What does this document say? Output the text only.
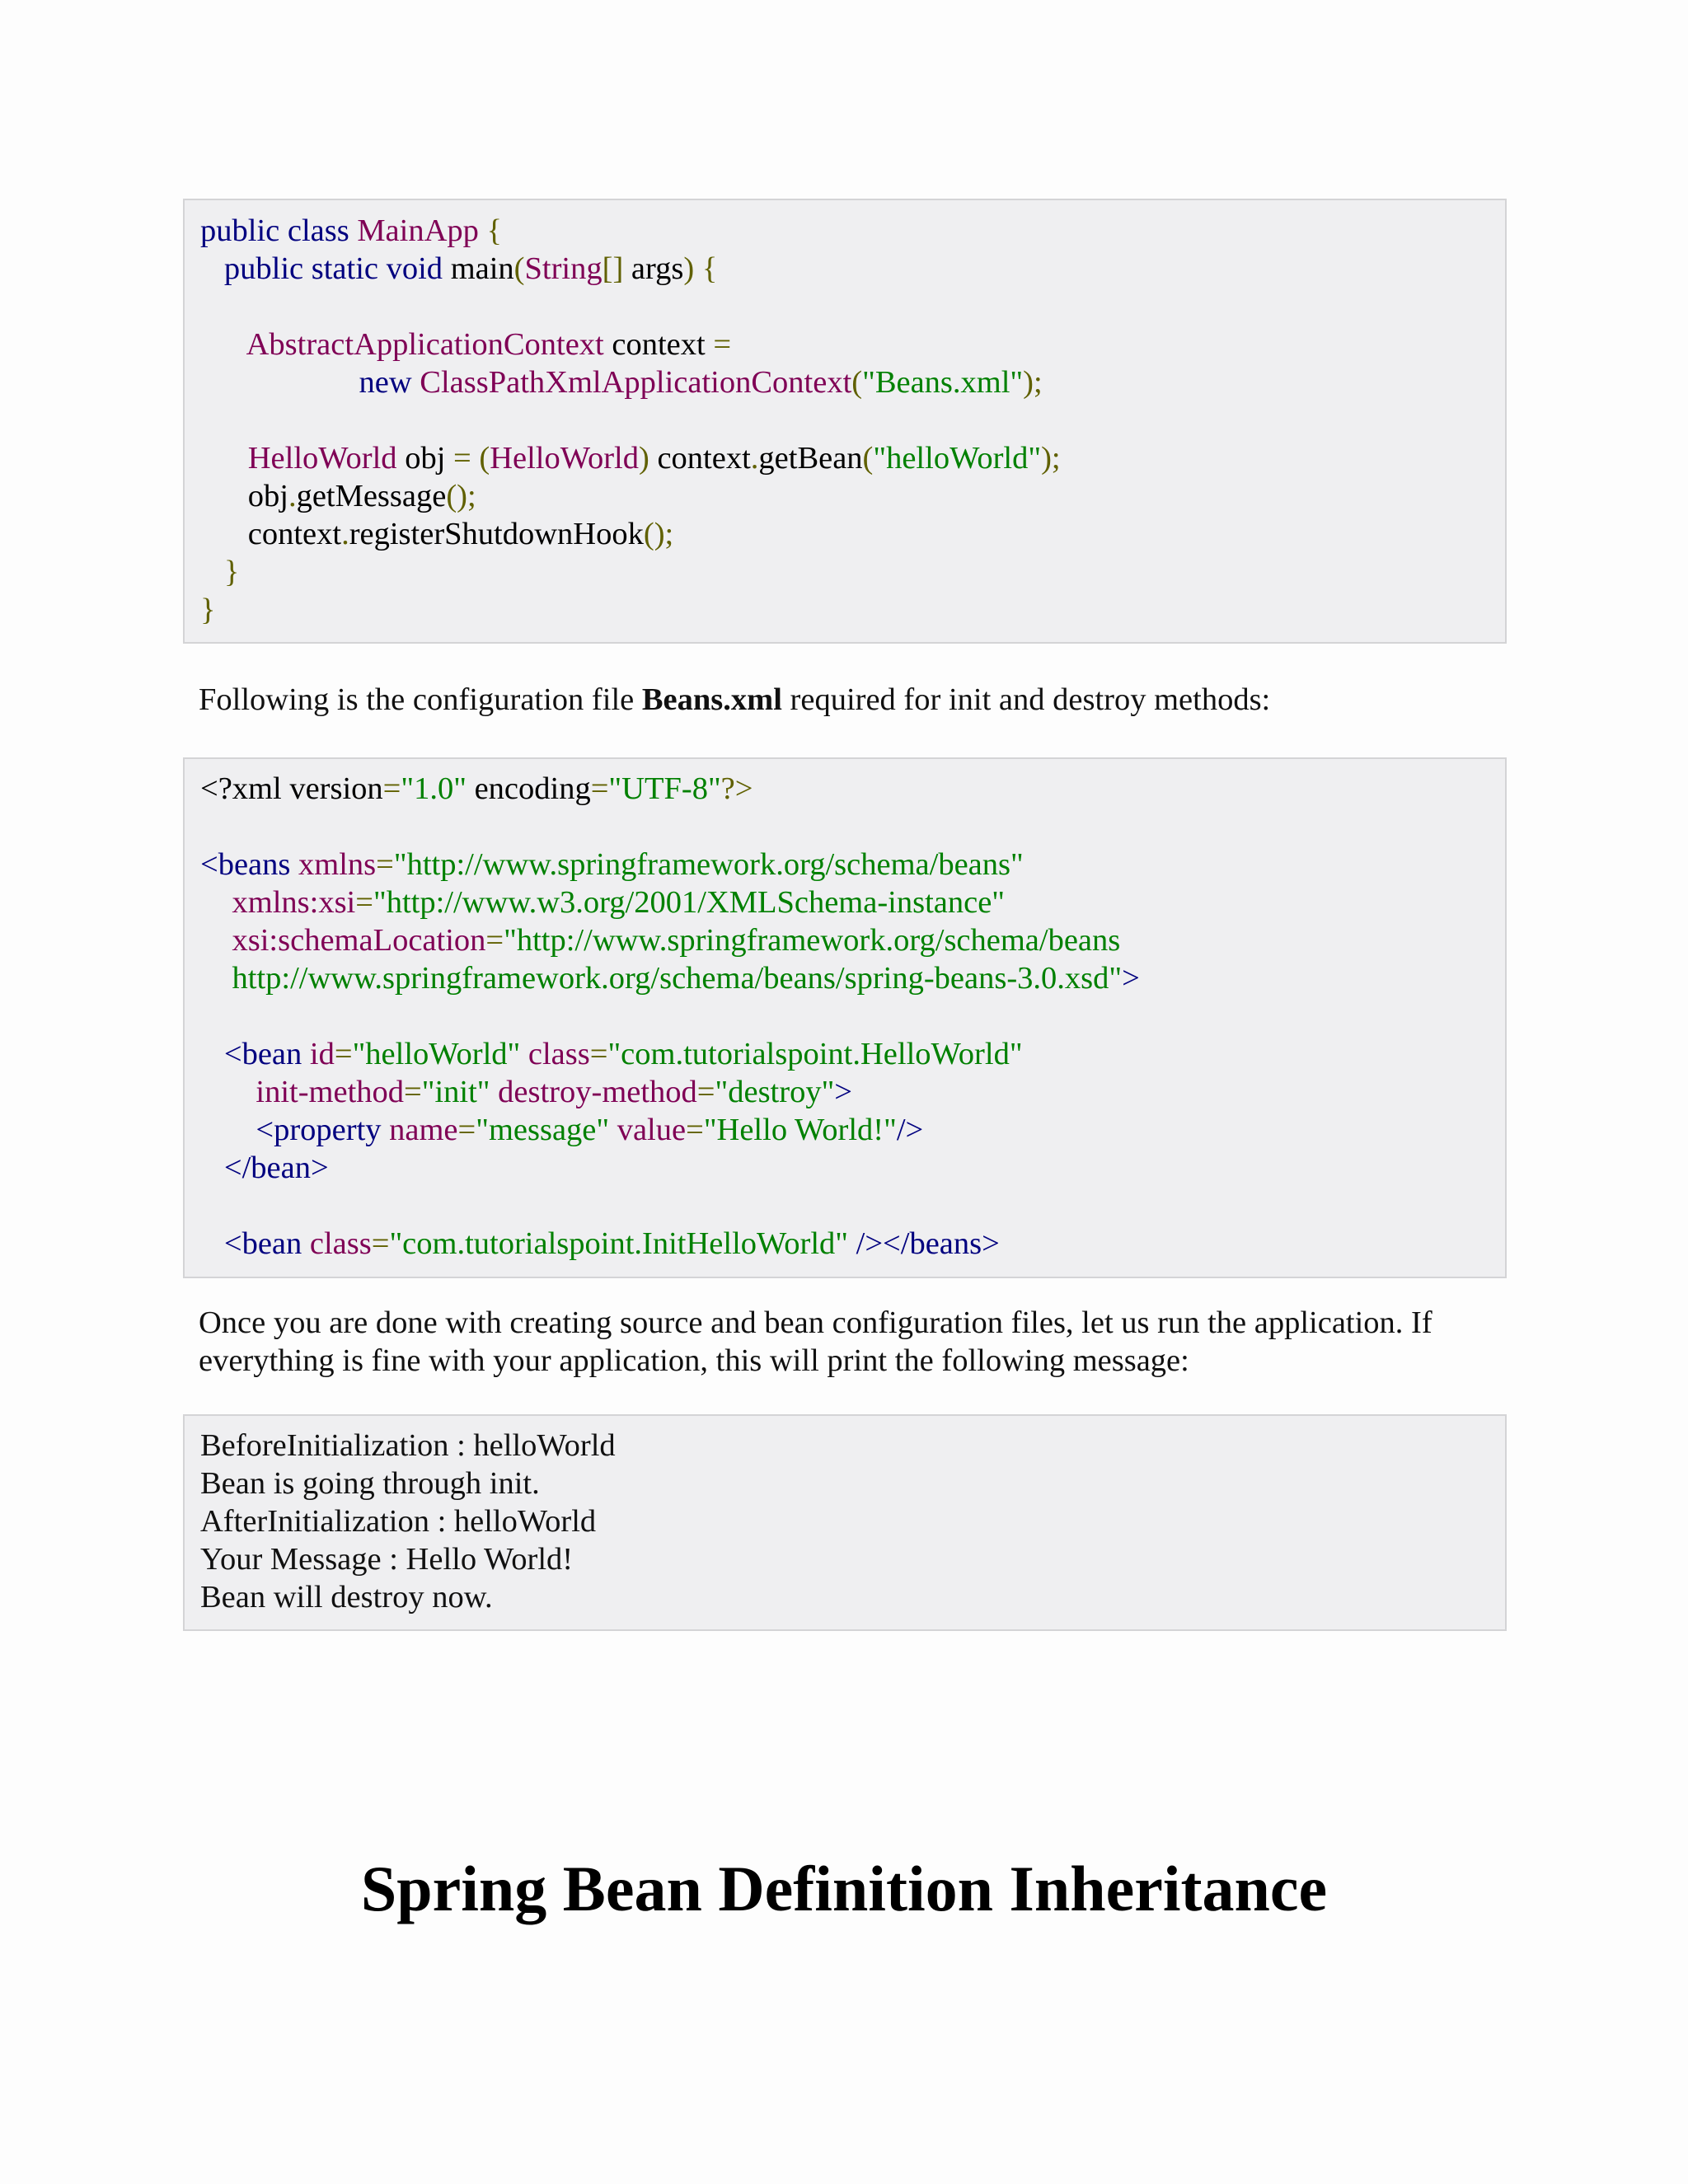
public class MainApp {
public static void main(String[] args) {
AbstractApplicationContext context =
new ClassPathXmlApplicationContext("Beans.xml");
HelloWorld obj = (HelloWorld) context.getBean("helloWorld");
obj.getMessage();
context.registerShutdownHook();
}
}
Following is the configuration file Beans.xml required for init and destroy methods:
<?xml version="1.0" encoding="UTF-8"?>
<beans xmlns="http://www.springframework.org/schema/beans"
xmlns:xsi="http://www.w3.org/2001/XMLSchema-instance"
xsi:schemaLocation="http://www.springframework.org/schema/beans
http://www.springframework.org/schema/beans/spring-beans-3.0.xsd">
<bean id="helloWorld" class="com.tutorialspoint.HelloWorld"
init-method="init" destroy-method="destroy">
<property name="message" value="Hello World!"/>
</bean>
<bean class="com.tutorialspoint.InitHelloWorld" /></beans>
Once you are done with creating source and bean configuration files, let us run the application. If
everything is fine with your application, this will print the following message:
BeforeInitialization : helloWorld
Bean is going through init.
AfterInitialization : helloWorld
Your Message : Hello World!
Bean will destroy now.
Spring Bean Definition Inheritance
